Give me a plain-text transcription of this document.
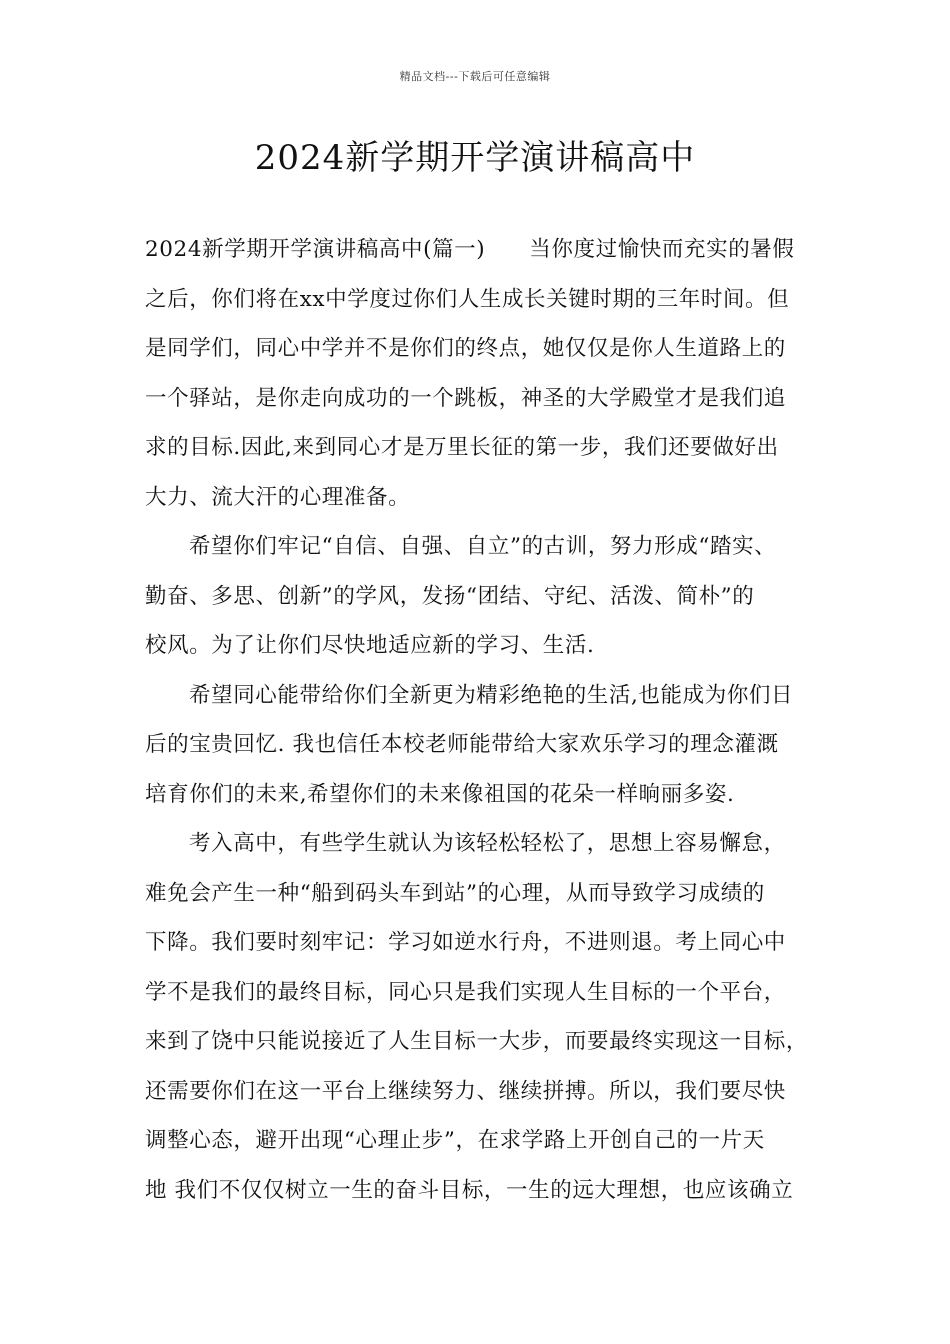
精品文档---下载后可任意编辑
2024新学期开学演讲稿高中
2024新学期开学演讲稿高中(篇一) 当你度过愉快而充实的暑假
之后，你们将在xx中学度过你们人生成长关键时期的三年时间。但
是同学们，同心中学并不是你们的终点，她仅仅是你人生道路上的
一个驿站，是你走向成功的一个跳板，神圣的大学殿堂才是我们追
求的目标.因此,来到同心才是万里长征的第一步，我们还要做好出
大力、流大汗的心理准备。
希望你们牢记“自信、自强、自立”的古训，努力形成“踏实、
勤奋、多思、创新”的学风，发扬“团结、守纪、活泼、简朴”的
校风。为了让你们尽快地适应新的学习、生活.
希望同心能带给你们全新更为精彩绝艳的生活,也能成为你们日
后的宝贵回忆. 我也信任本校老师能带给大家欢乐学习的理念灌溉
培育你们的未来,希望你们的未来像祖国的花朵一样晌丽多姿.
考入高中，有些学生就认为该轻松轻松了，思想上容易懈怠，
难免会产生一种“船到码头车到站”的心理，从而导致学习成绩的
下降。我们要时刻牢记：学习如逆水行舟，不进则退。考上同心中
学不是我们的最终目标，同心只是我们实现人生目标的一个平台，
来到了饶中只能说接近了人生目标一大步，而要最终实现这一目标，
还需要你们在这一平台上继续努力、继续拼搏。所以，我们要尽快
调整心态，避开出现“心理止步”，在求学路上开创自己的一片天
地 我们不仅仅树立一生的奋斗目标，一生的远大理想，也应该确立
